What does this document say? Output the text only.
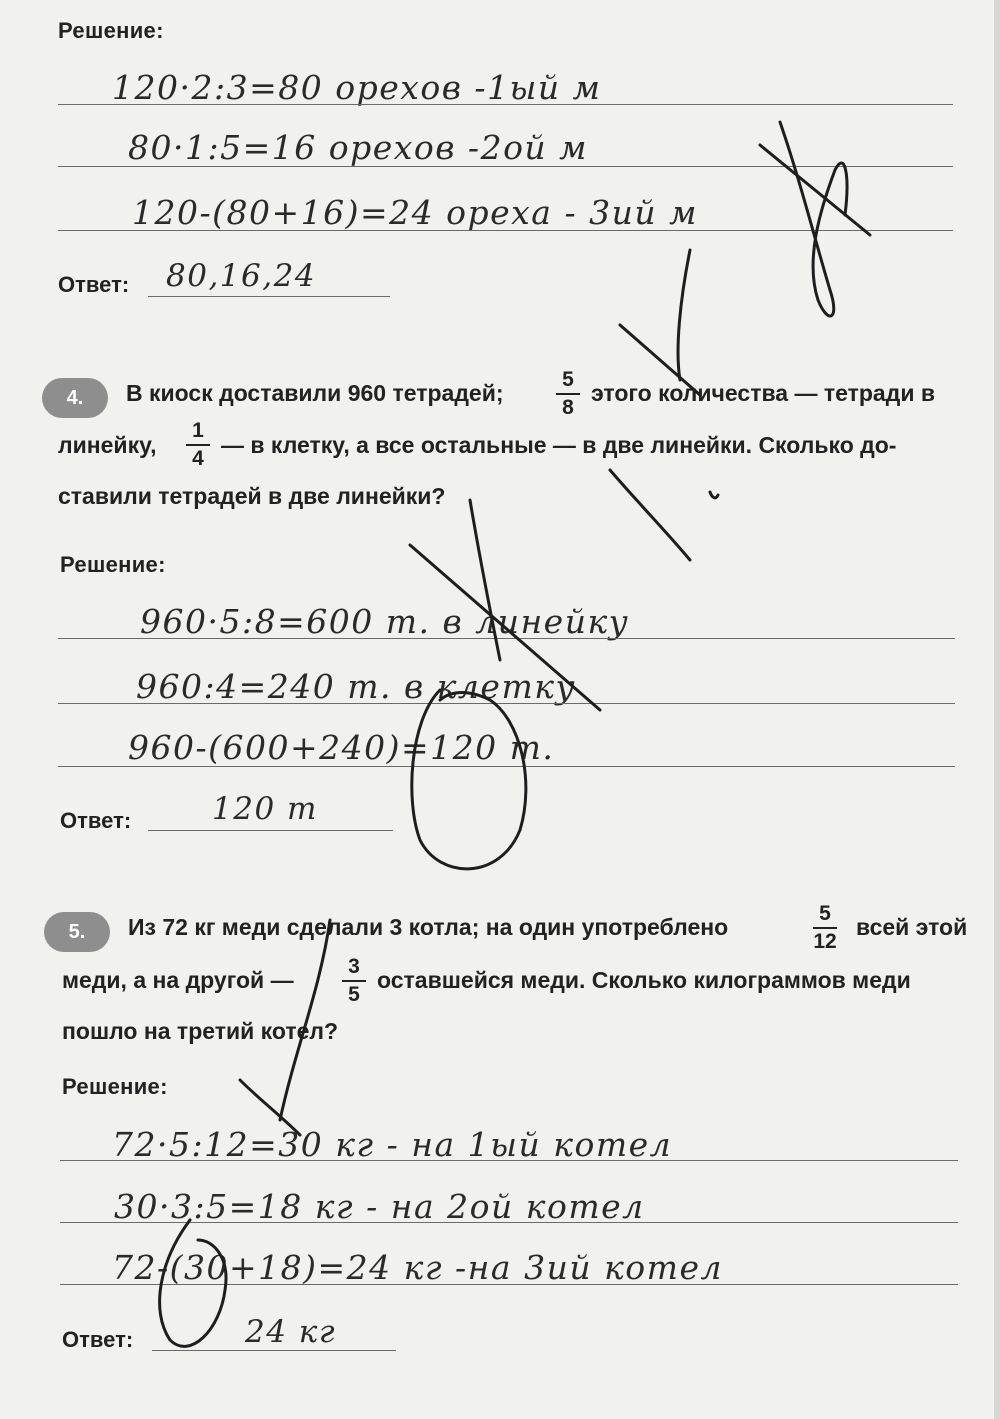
Решение:
120·2:3=80 орехов -1ый м
80·1:5=16 орехов -2ой м
120-(80+16)=24 ореха - 3ий м
Ответ: 80,16,24
4.	В киоск доставили 960 тетрадей;
5
8
этого количества — тетради в
линейку,
1
4
— в клетку, а все остальные — в две линейки. Сколько до-
ставили тетрадей в две линейки?
Решение:
960·5:8=600 т. в линейку
960:4=240 т. в клетку
960-(600+240)=120 т.
Ответ:	120 т
5.	Из 72 кг меди сделали 3 котла; на один употреблено
5
12
всей этой
меди, а на другой —
3
5
оставшейся меди. Сколько килограммов меди
пошло на третий котел?
Решение:
72·5:12=30 кг - на 1ый котел
30·3:5=18 кг - на 2ой котел
72-(30+18)=24 кг -на 3ий котел
Ответ:	24 кг
